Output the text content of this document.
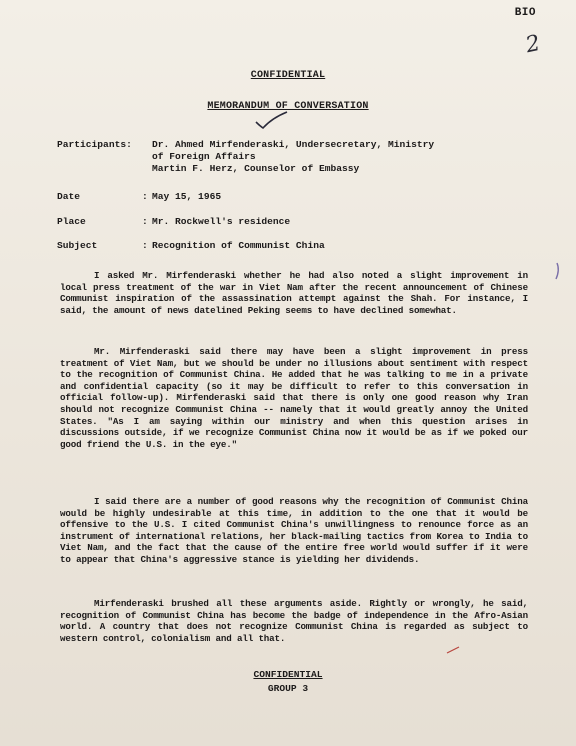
BIO
2
CONFIDENTIAL
MEMORANDUM OF CONVERSATION
Participants:	Dr. Ahmed Mirfenderaski, Undersecretary, Ministry
of Foreign Affairs
Martin F. Herz, Counselor of Embassy
Date	: May 15, 1965
Place	: Mr. Rockwell's residence
Subject	: Recognition of Communist China

I asked Mr. Mirfenderaski whether he had also noted a slight improvement in local press treatment of the war in Viet Nam after the recent announcement of Chinese Communist inspiration of the assassination attempt against the Shah. For instance, I said, the amount of news datelined Peking seems to have declined somewhat.

Mr. Mirfenderaski said there may have been a slight improvement in press treatment of Viet Nam, but we should be under no illusions about sentiment with respect to the recognition of Communist China. He added that he was talking to me in a private and confidential capacity (so it may be difficult to refer to this conversation in official follow-up). Mirfenderaski said that there is only one good reason why Iran should not recognize Communist China -- namely that it would greatly annoy the United States. "As I am saying within our ministry and when this question arises in discussions outside, if we recognize Communist China now it would be as if we poked our good friend the U.S. in the eye."

I said there are a number of good reasons why the recognition of Communist China would be highly undesirable at this time, in addition to the one that it would be offensive to the U.S. I cited Communist China's unwillingness to renounce force as an instrument of international relations, her black-mailing tactics from Korea to India to Viet Nam, and the fact that the cause of the entire free world would suffer if it were to appear that China's aggressive stance is yielding her dividends.

Mirfenderaski brushed all these arguments aside. Rightly or wrongly, he said, recognition of Communist China has become the badge of independence in the Afro-Asian world. A country that does not recognize Communist China is regarded as subject to western control, colonialism and all that.

CONFIDENTIAL
GROUP 3
